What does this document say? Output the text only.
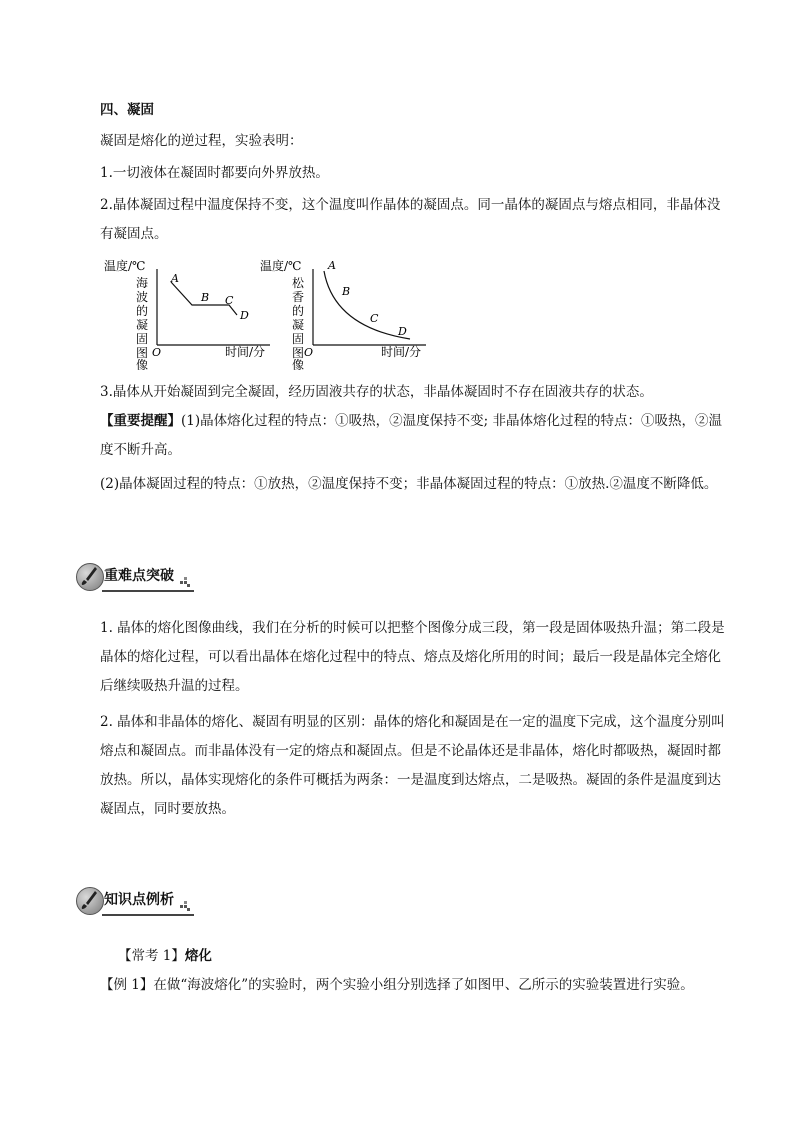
四、凝固

凝固是熔化的逆过程，实验表明：

1.一切液体在凝固时都要向外界放热。

2.晶体凝固过程中温度保持不变，这个温度叫作晶体的凝固点。同一晶体的凝固点与熔点相同，非晶体没有凝固点。

温度/℃
A
B C
D
O	时间/分
海
波
的
凝
固
图
像
温度/℃ A
B
C
D
O	时间/分
松
香
的
凝
固
图
像

3.晶体从开始凝固到完全凝固，经历固液共存的状态，非晶体凝固时不存在固液共存的状态。

【重要提醒】(1)晶体熔化过程的特点：①吸热，②温度保持不变; 非晶体熔化过程的特点：①吸热，②温度不断升高。

(2)晶体凝固过程的特点：①放热，②温度保持不变；非晶体凝固过程的特点：①放热.②温度不断降低。

重难点突破

1. 晶体的熔化图像曲线，我们在分析的时候可以把整个图像分成三段，第一段是固体吸热升温；第二段是晶体的熔化过程，可以看出晶体在熔化过程中的特点、熔点及熔化所用的时间；最后一段是晶体完全熔化后继续吸热升温的过程。

2. 晶体和非晶体的熔化、凝固有明显的区别：晶体的熔化和凝固是在一定的温度下完成，这个温度分别叫熔点和凝固点。而非晶体没有一定的熔点和凝固点。但是不论晶体还是非晶体，熔化时都吸热，凝固时都放热。所以，晶体实现熔化的条件可概括为两条：一是温度到达熔点，二是吸热。凝固的条件是温度到达凝固点，同时要放热。

知识点例析

【常考 1】熔化

【例 1】在做“海波熔化”的实验时，两个实验小组分别选择了如图甲、乙所示的实验装置进行实验。
